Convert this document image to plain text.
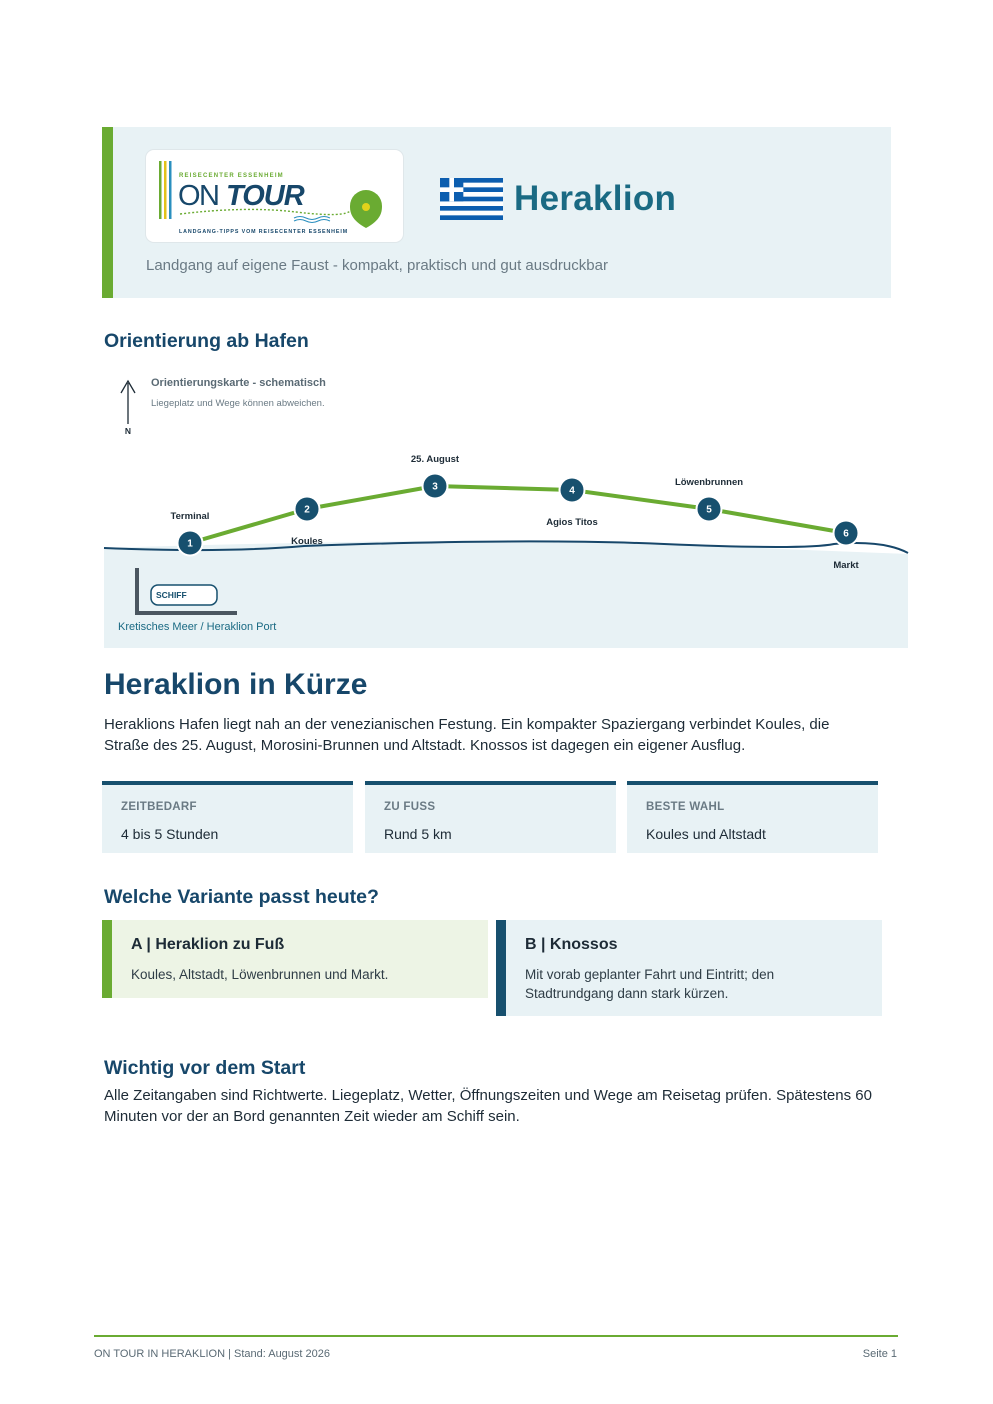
REISECENTER ESSENHEIM
ON TOUR
LANDGANG-TIPPS VOM REISECENTER ESSENHEIM
Heraklion

Landgang auf eigene Faust - kompakt, praktisch und gut ausdruckbar

Orientierung ab Hafen
N
Orientierungskarte - schematisch
Liegeplatz und Wege können abweichen.
SCHIFF
Kretisches Meer / Heraklion Port
1
Terminal
2
Koules
3
25. August
4
Agios Titos
5
Löwenbrunnen
6
Markt
Heraklion in Kürze

Heraklions Hafen liegt nah an der venezianischen Festung. Ein kompakter Spaziergang verbindet Koules, die Straße des 25. August, Morosini-Brunnen und Altstadt. Knossos ist dagegen ein eigener Ausflug.

ZEITBEDARF
4 bis 5 Stunden
ZU FUSS
Rund 5 km
BESTE WAHL
Koules und Altstadt
Welche Variante passt heute?
A | Heraklion zu Fuß

Koules, Altstadt, Löwenbrunnen und Markt.

B | Knossos

Mit vorab geplanter Fahrt und Eintritt; den Stadtrundgang dann stark kürzen.

Wichtig vor dem Start

Alle Zeitangaben sind Richtwerte. Liegeplatz, Wetter, Öffnungszeiten und Wege am Reisetag prüfen. Spätestens 60 Minuten vor der an Bord genannten Zeit wieder am Schiff sein.

ON TOUR IN HERAKLION | Stand: August 2026	Seite 1
